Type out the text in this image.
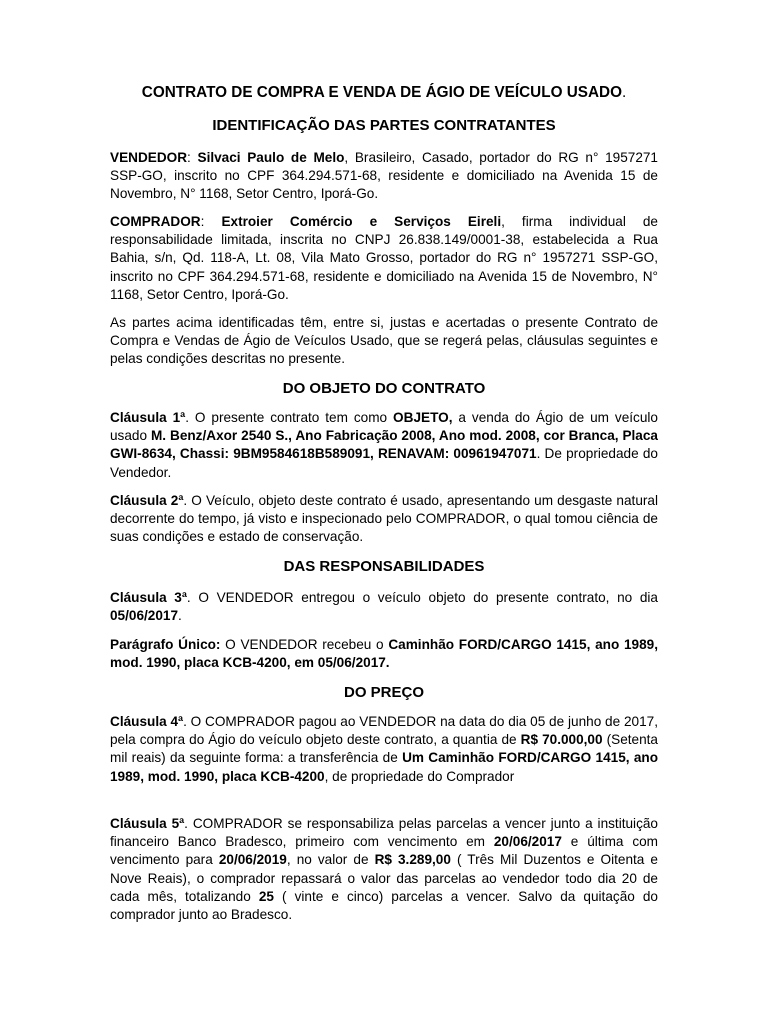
CONTRATO DE COMPRA E VENDA DE ÁGIO DE VEÍCULO USADO.
IDENTIFICAÇÃO DAS PARTES CONTRATANTES

VENDEDOR: Silvaci Paulo de Melo, Brasileiro, Casado, portador do RG n° 1957271 SSP-GO, inscrito no CPF 364.294.571-68, residente e domiciliado na Avenida 15 de Novembro, N° 1168, Setor Centro, Iporá-Go.

COMPRADOR: Extroier Comércio e Serviços Eireli, firma individual de responsabilidade limitada, inscrita no CNPJ 26.838.149/0001-38, estabelecida a Rua Bahia, s/n, Qd. 118-A, Lt. 08, Vila Mato Grosso, portador do RG n° 1957271 SSP-GO, inscrito no CPF 364.294.571-68, residente e domiciliado na Avenida 15 de Novembro, N° 1168, Setor Centro, Iporá-Go.

As partes acima identificadas têm, entre si, justas e acertadas o presente Contrato de Compra e Vendas de Ágio de Veículos Usado, que se regerá pelas, cláusulas seguintes e pelas condições descritas no presente.

DO OBJETO DO CONTRATO

Cláusula 1ª. O presente contrato tem como OBJETO, a venda do Ágio de um veículo usado M. Benz/Axor 2540 S., Ano Fabricação 2008, Ano mod. 2008, cor Branca, Placa GWI-8634, Chassi: 9BM9584618B589091, RENAVAM: 00961947071. De propriedade do Vendedor.

Cláusula 2ª. O Veículo, objeto deste contrato é usado, apresentando um desgaste natural decorrente do tempo, já visto e inspecionado pelo COMPRADOR, o qual tomou ciência de suas condições e estado de conservação.

DAS RESPONSABILIDADES

Cláusula 3ª. O VENDEDOR entregou o veículo objeto do presente contrato, no dia 05/06/2017.

Parágrafo Único: O VENDEDOR recebeu o Caminhão FORD/CARGO 1415, ano 1989, mod. 1990, placa KCB-4200, em 05/06/2017.

DO PREÇO

Cláusula 4ª. O COMPRADOR pagou ao VENDEDOR na data do dia 05 de junho de 2017, pela compra do Ágio do veículo objeto deste contrato, a quantia de R$ 70.000,00 (Setenta mil reais) da seguinte forma: a transferência de Um Caminhão FORD/CARGO 1415, ano 1989, mod. 1990, placa KCB-4200, de propriedade do Comprador

Cláusula 5ª. COMPRADOR se responsabiliza pelas parcelas a vencer junto a instituição financeiro Banco Bradesco, primeiro com vencimento em 20/06/2017 e última com vencimento para 20/06/2019, no valor de R$ 3.289,00 ( Três Mil Duzentos e Oitenta e Nove Reais), o comprador repassará o valor das parcelas ao vendedor todo dia 20 de cada mês, totalizando 25 ( vinte e cinco) parcelas a vencer. Salvo da quitação do comprador junto ao Bradesco.
